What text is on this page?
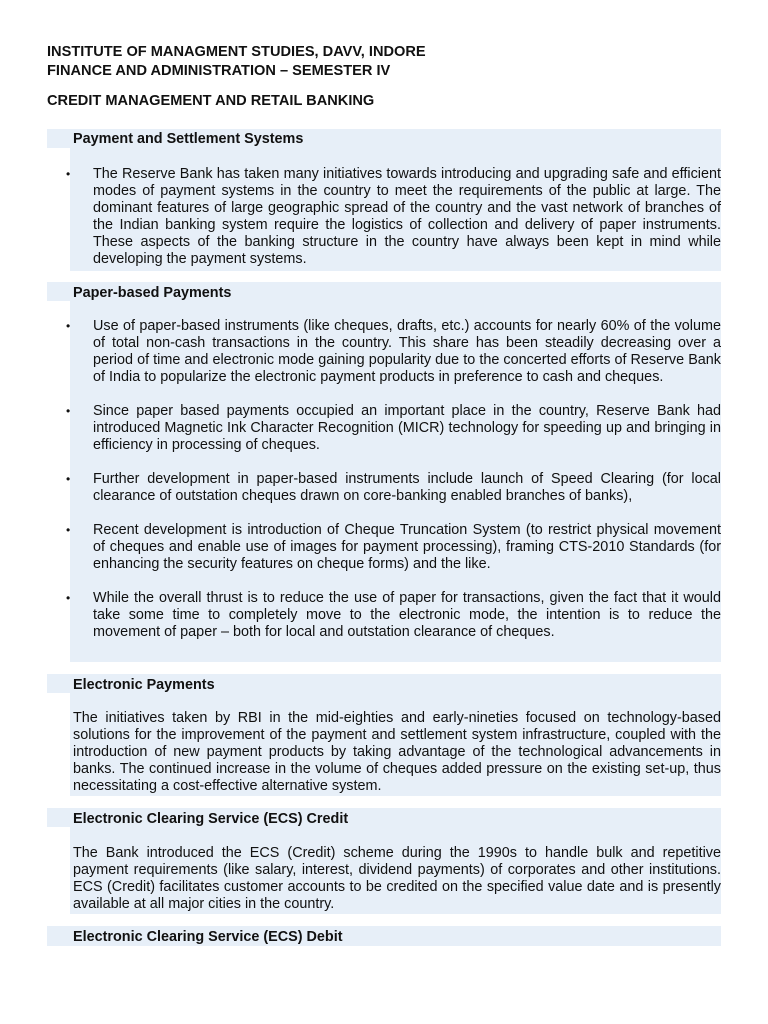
INSTITUTE OF MANAGMENT STUDIES, DAVV, INDORE
FINANCE AND ADMINISTRATION – SEMESTER IV
CREDIT MANAGEMENT AND RETAIL BANKING
Payment and Settlement Systems
• The Reserve Bank has taken many initiatives towards introducing and upgrading safe and efficient modes of payment systems in the country to meet the requirements of the public at large. The dominant features of large geographic spread of the country and the vast network of branches of the Indian banking system require the logistics of collection and delivery of paper instruments. These aspects of the banking structure in the country have always been kept in mind while developing the payment systems.
Paper-based Payments
• Use of paper-based instruments (like cheques, drafts, etc.) accounts for nearly 60% of the volume of total non-cash transactions in the country. This share has been steadily decreasing over a period of time and electronic mode gaining popularity due to the concerted efforts of Reserve Bank of India to popularize the electronic payment products in preference to cash and cheques.
• Since paper based payments occupied an important place in the country, Reserve Bank had introduced Magnetic Ink Character Recognition (MICR) technology for speeding up and bringing in efficiency in processing of cheques.
• Further development in paper-based instruments include launch of Speed Clearing (for local clearance of outstation cheques drawn on core-banking enabled branches of banks),
• Recent development is introduction of Cheque Truncation System (to restrict physical movement of cheques and enable use of images for payment processing), framing CTS-2010 Standards (for enhancing the security features on cheque forms) and the like.
• While the overall thrust is to reduce the use of paper for transactions, given the fact that it would take some time to completely move to the electronic mode, the intention is to reduce the movement of paper – both for local and outstation clearance of cheques.
Electronic Payments

The initiatives taken by RBI in the mid-eighties and early-nineties focused on technology-based solutions for the improvement of the payment and settlement system infrastructure, coupled with the introduction of new payment products by taking advantage of the technological advancements in banks. The continued increase in the volume of cheques added pressure on the existing set-up, thus necessitating a cost-effective alternative system.

Electronic Clearing Service (ECS) Credit

The Bank introduced the ECS (Credit) scheme during the 1990s to handle bulk and repetitive payment requirements (like salary, interest, dividend payments) of corporates and other institutions. ECS (Credit) facilitates customer accounts to be credited on the specified value date and is presently available at all major cities in the country.

Electronic Clearing Service (ECS) Debit
